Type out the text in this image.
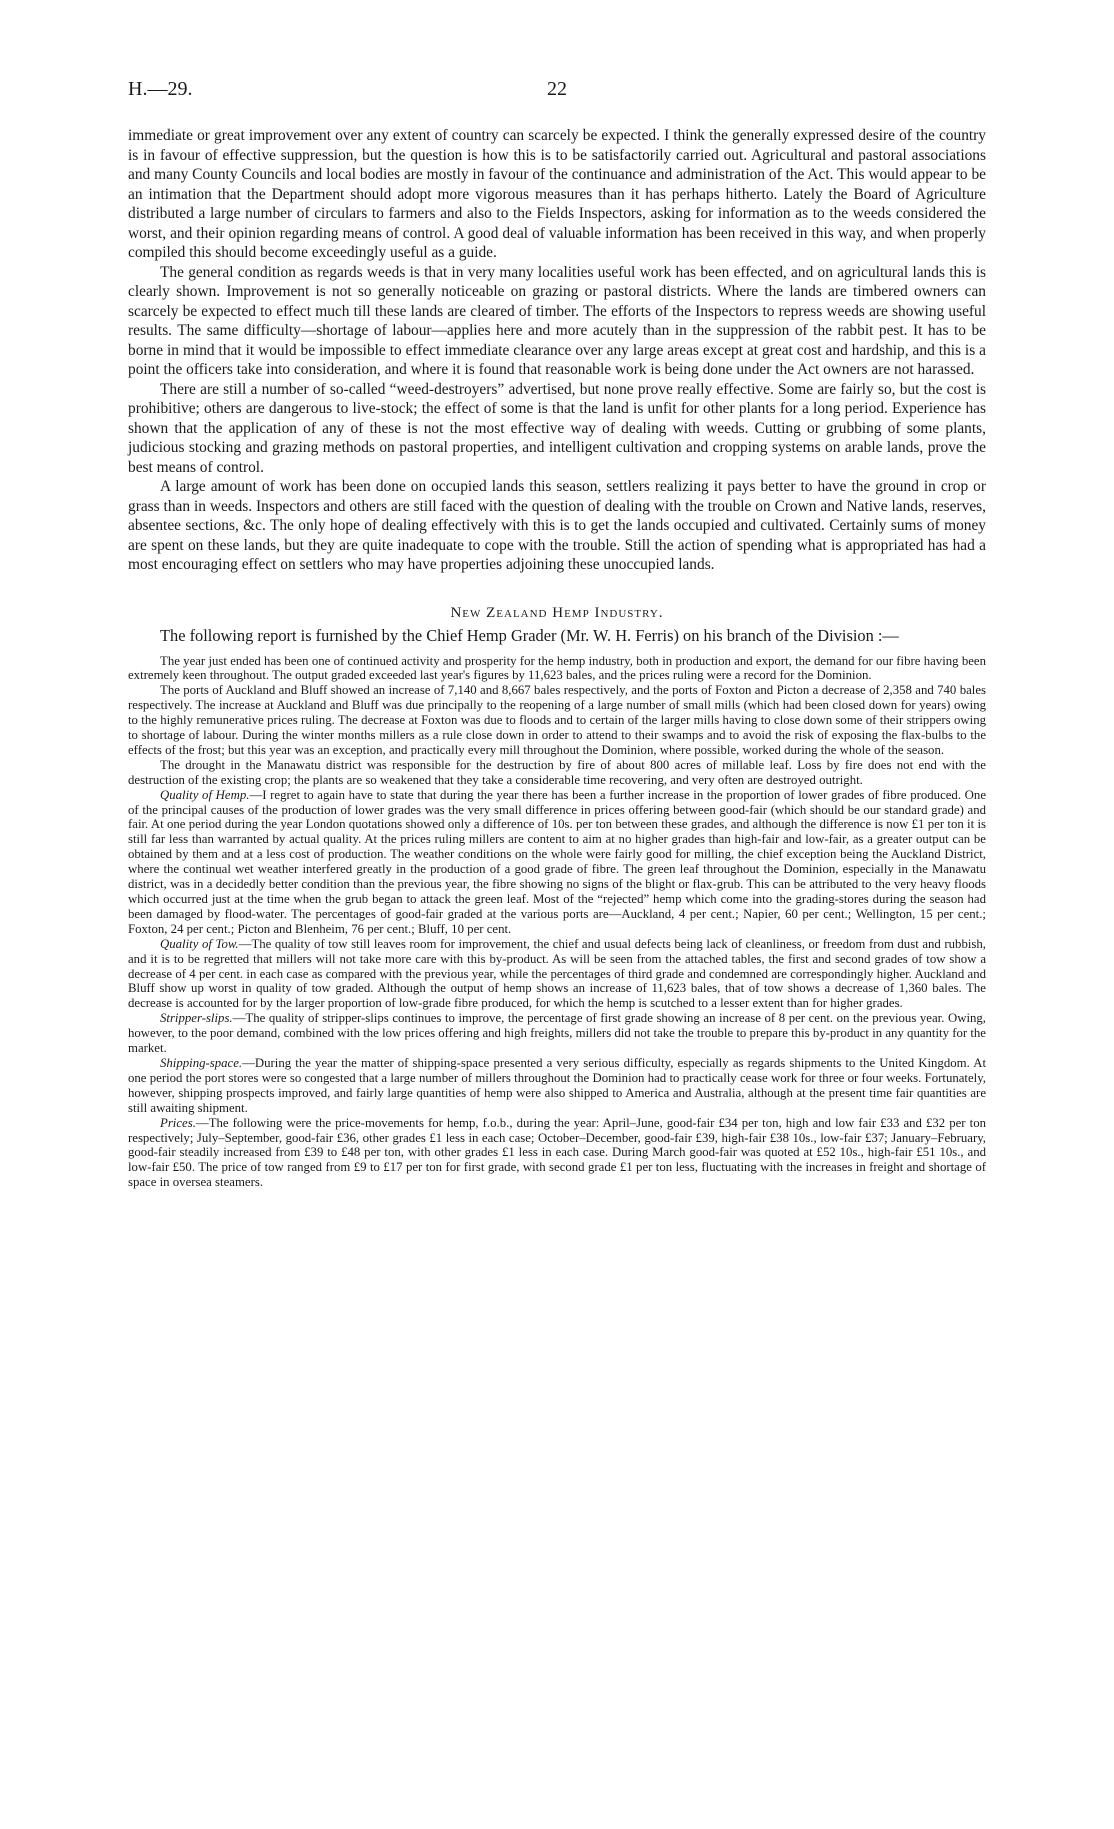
H.—29.	22

immediate or great improvement over any extent of country can scarcely be expected. I think the generally expressed desire of the country is in favour of effective suppression, but the question is how this is to be satisfactorily carried out. Agricultural and pastoral associations and many County Councils and local bodies are mostly in favour of the continuance and administration of the Act. This would appear to be an intimation that the Department should adopt more vigorous measures than it has perhaps hitherto. Lately the Board of Agriculture distributed a large number of circulars to farmers and also to the Fields Inspectors, asking for information as to the weeds considered the worst, and their opinion regarding means of control. A good deal of valuable information has been received in this way, and when properly compiled this should become exceedingly useful as a guide.

The general condition as regards weeds is that in very many localities useful work has been effected, and on agricultural lands this is clearly shown. Improvement is not so generally noticeable on grazing or pastoral districts. Where the lands are timbered owners can scarcely be expected to effect much till these lands are cleared of timber. The efforts of the Inspectors to repress weeds are showing useful results. The same difficulty—shortage of labour—applies here and more acutely than in the suppression of the rabbit pest. It has to be borne in mind that it would be impossible to effect immediate clearance over any large areas except at great cost and hardship, and this is a point the officers take into consideration, and where it is found that reasonable work is being done under the Act owners are not harassed.

There are still a number of so-called “weed-destroyers” advertised, but none prove really effective. Some are fairly so, but the cost is prohibitive; others are dangerous to live-stock; the effect of some is that the land is unfit for other plants for a long period. Experience has shown that the application of any of these is not the most effective way of dealing with weeds. Cutting or grubbing of some plants, judicious stocking and grazing methods on pastoral properties, and intelligent cultivation and cropping systems on arable lands, prove the best means of control.

A large amount of work has been done on occupied lands this season, settlers realizing it pays better to have the ground in crop or grass than in weeds. Inspectors and others are still faced with the question of dealing with the trouble on Crown and Native lands, reserves, absentee sections, &c. The only hope of dealing effectively with this is to get the lands occupied and cultivated. Certainly sums of money are spent on these lands, but they are quite inadequate to cope with the trouble. Still the action of spending what is appropriated has had a most encouraging effect on settlers who may have properties adjoining these unoccupied lands.

New Zealand Hemp Industry.

The following report is furnished by the Chief Hemp Grader (Mr. W. H. Ferris) on his branch of the Division :—

The year just ended has been one of continued activity and prosperity for the hemp industry, both in production and export, the demand for our fibre having been extremely keen throughout. The output graded exceeded last year's figures by 11,623 bales, and the prices ruling were a record for the Dominion.

The ports of Auckland and Bluff showed an increase of 7,140 and 8,667 bales respectively, and the ports of Foxton and Picton a decrease of 2,358 and 740 bales respectively. The increase at Auckland and Bluff was due principally to the reopening of a large number of small mills (which had been closed down for years) owing to the highly remunerative prices ruling. The decrease at Foxton was due to floods and to certain of the larger mills having to close down some of their strippers owing to shortage of labour. During the winter months millers as a rule close down in order to attend to their swamps and to avoid the risk of exposing the flax-bulbs to the effects of the frost; but this year was an exception, and practically every mill throughout the Dominion, where possible, worked during the whole of the season.

The drought in the Manawatu district was responsible for the destruction by fire of about 800 acres of millable leaf. Loss by fire does not end with the destruction of the existing crop; the plants are so weakened that they take a considerable time recovering, and very often are destroyed outright.

Quality of Hemp.—I regret to again have to state that during the year there has been a further increase in the proportion of lower grades of fibre produced. One of the principal causes of the production of lower grades was the very small difference in prices offering between good-fair (which should be our standard grade) and fair. At one period during the year London quotations showed only a difference of 10s. per ton between these grades, and although the difference is now £1 per ton it is still far less than warranted by actual quality. At the prices ruling millers are content to aim at no higher grades than high-fair and low-fair, as a greater output can be obtained by them and at a less cost of production. The weather conditions on the whole were fairly good for milling, the chief exception being the Auckland District, where the continual wet weather interfered greatly in the production of a good grade of fibre. The green leaf throughout the Dominion, especially in the Manawatu district, was in a decidedly better condition than the previous year, the fibre showing no signs of the blight or flax-grub. This can be attributed to the very heavy floods which occurred just at the time when the grub began to attack the green leaf. Most of the “rejected” hemp which come into the grading-stores during the season had been damaged by flood-water. The percentages of good-fair graded at the various ports are—Auckland, 4 per cent.; Napier, 60 per cent.; Wellington, 15 per cent.; Foxton, 24 per cent.; Picton and Blenheim, 76 per cent.; Bluff, 10 per cent.

Quality of Tow.—The quality of tow still leaves room for improvement, the chief and usual defects being lack of cleanliness, or freedom from dust and rubbish, and it is to be regretted that millers will not take more care with this by-product. As will be seen from the attached tables, the first and second grades of tow show a decrease of 4 per cent. in each case as compared with the previous year, while the percentages of third grade and condemned are correspondingly higher. Auckland and Bluff show up worst in quality of tow graded. Although the output of hemp shows an increase of 11,623 bales, that of tow shows a decrease of 1,360 bales. The decrease is accounted for by the larger proportion of low-grade fibre produced, for which the hemp is scutched to a lesser extent than for higher grades.

Stripper-slips.—The quality of stripper-slips continues to improve, the percentage of first grade showing an increase of 8 per cent. on the previous year. Owing, however, to the poor demand, combined with the low prices offering and high freights, millers did not take the trouble to prepare this by-product in any quantity for the market.

Shipping-space.—During the year the matter of shipping-space presented a very serious difficulty, especially as regards shipments to the United Kingdom. At one period the port stores were so congested that a large number of millers throughout the Dominion had to practically cease work for three or four weeks. Fortunately, however, shipping prospects improved, and fairly large quantities of hemp were also shipped to America and Australia, although at the present time fair quantities are still awaiting shipment.

Prices.—The following were the price-movements for hemp, f.o.b., during the year: April–June, good-fair £34 per ton, high and low fair £33 and £32 per ton respectively; July–September, good-fair £36, other grades £1 less in each case; October–December, good-fair £39, high-fair £38 10s., low-fair £37; January–February, good-fair steadily increased from £39 to £48 per ton, with other grades £1 less in each case. During March good-fair was quoted at £52 10s., high-fair £51 10s., and low-fair £50. The price of tow ranged from £9 to £17 per ton for first grade, with second grade £1 per ton less, fluctuating with the increases in freight and shortage of space in oversea steamers.
